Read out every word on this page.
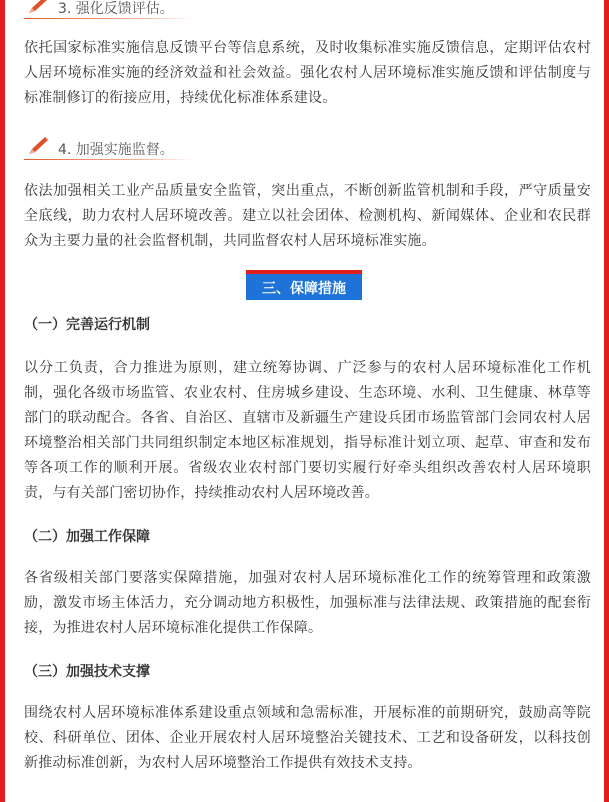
3. 强化反馈评估。

依托国家标准实施信息反馈平台等信息系统，及时收集标准实施反馈信息，定期评估农村人居环境标准实施的经济效益和社会效益。强化农村人居环境标准实施反馈和评估制度与标准制修订的衔接应用，持续优化标准体系建设。

4. 加强实施监督。

依法加强相关工业产品质量安全监管，突出重点，不断创新监管机制和手段，严守质量安全底线，助力农村人居环境改善。建立以社会团体、检测机构、新闻媒体、企业和农民群众为主要力量的社会监督机制，共同监督农村人居环境标准实施。

三、保障措施
（一）完善运行机制

以分工负责，合力推进为原则，建立统筹协调、广泛参与的农村人居环境标准化工作机制，强化各级市场监管、农业农村、住房城乡建设、生态环境、水利、卫生健康、林草等部门的联动配合。各省、自治区、直辖市及新疆生产建设兵团市场监管部门会同农村人居环境整治相关部门共同组织制定本地区标准规划，指导标准计划立项、起草、审查和发布等各项工作的顺利开展。省级农业农村部门要切实履行好牵头组织改善农村人居环境职责，与有关部门密切协作，持续推动农村人居环境改善。

（二）加强工作保障

各省级相关部门要落实保障措施，加强对农村人居环境标准化工作的统筹管理和政策激励，激发市场主体活力，充分调动地方积极性，加强标准与法律法规、政策措施的配套衔接，为推进农村人居环境标准化提供工作保障。

（三）加强技术支撑

围绕农村人居环境标准体系建设重点领域和急需标准，开展标准的前期研究，鼓励高等院校、科研单位、团体、企业开展农村人居环境整治关键技术、工艺和设备研发，以科技创新推动标准创新，为农村人居环境整治工作提供有效技术支持。
